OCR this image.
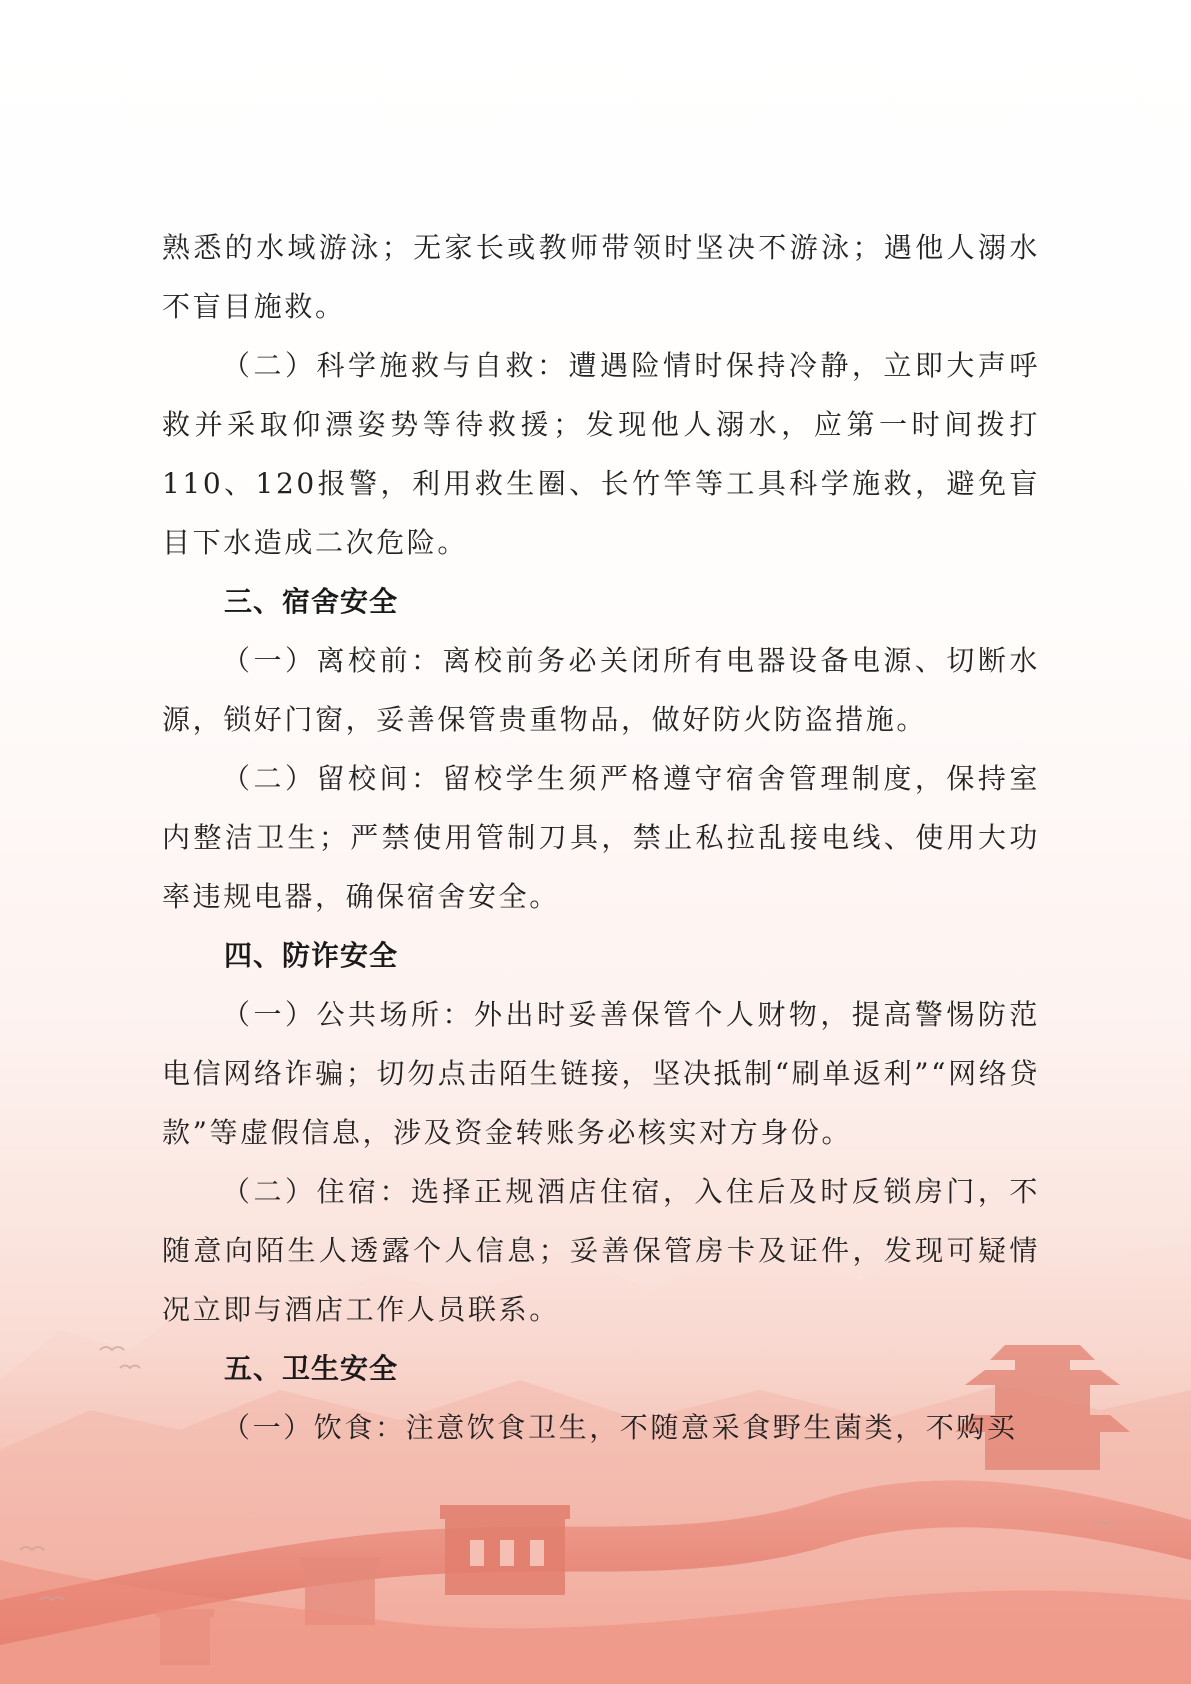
熟悉的水域游泳；无家长或教师带领时坚决不游泳；遇他人溺水不盲目施救。

（二）科学施救与自救：遭遇险情时保持冷静，立即大声呼救并采取仰漂姿势等待救援；发现他人溺水，应第一时间拨打110、120报警，利用救生圈、长竹竿等工具科学施救，避免盲目下水造成二次危险。

三、宿舍安全

（一）离校前：离校前务必关闭所有电器设备电源、切断水源，锁好门窗，妥善保管贵重物品，做好防火防盗措施。

（二）留校间：留校学生须严格遵守宿舍管理制度，保持室内整洁卫生；严禁使用管制刀具，禁止私拉乱接电线、使用大功率违规电器，确保宿舍安全。

四、防诈安全

（一）公共场所：外出时妥善保管个人财物，提高警惕防范电信网络诈骗；切勿点击陌生链接，坚决抵制“刷单返利”“网络贷款”等虚假信息，涉及资金转账务必核实对方身份。

（二）住宿：选择正规酒店住宿，入住后及时反锁房门，不随意向陌生人透露个人信息；妥善保管房卡及证件，发现可疑情况立即与酒店工作人员联系。

五、卫生安全

（一）饮食：注意饮食卫生，不随意采食野生菌类，不购买
